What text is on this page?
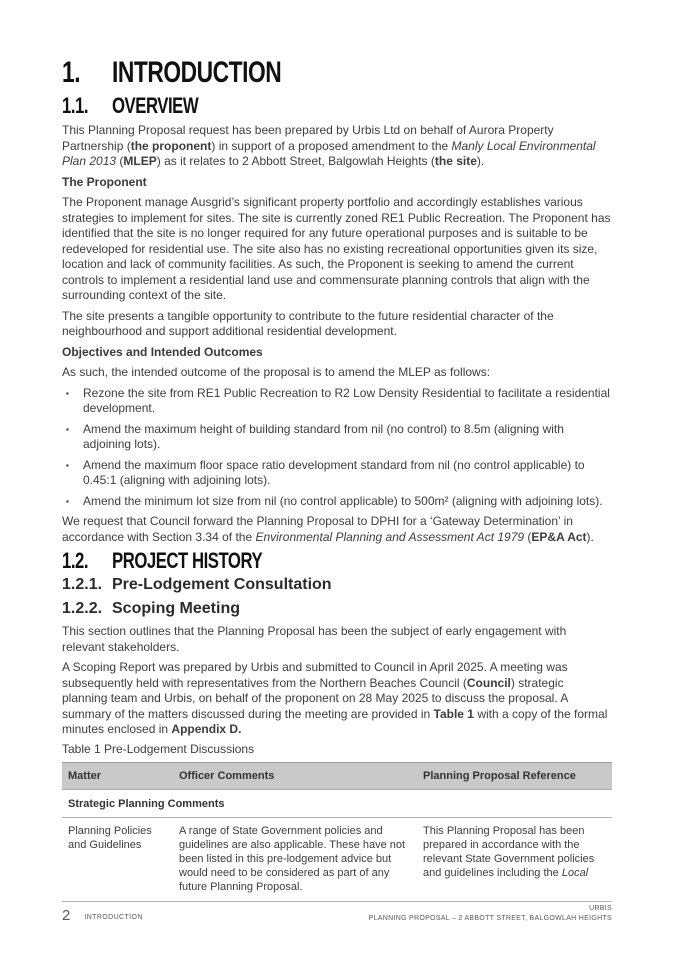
1.	INTRODUCTION
1.1.	OVERVIEW

This Planning Proposal request has been prepared by Urbis Ltd on behalf of Aurora Property Partnership (the proponent) in support of a proposed amendment to the Manly Local Environmental Plan 2013 (MLEP) as it relates to 2 Abbott Street, Balgowlah Heights (the site).

The Proponent

The Proponent manage Ausgrid’s significant property portfolio and accordingly establishes various strategies to implement for sites. The site is currently zoned RE1 Public Recreation. The Proponent has identified that the site is no longer required for any future operational purposes and is suitable to be redeveloped for residential use. The site also has no existing recreational opportunities given its size, location and lack of community facilities. As such, the Proponent is seeking to amend the current controls to implement a residential land use and commensurate planning controls that align with the surrounding context of the site.

The site presents a tangible opportunity to contribute to the future residential character of the neighbourhood and support additional residential development.

Objectives and Intended Outcomes

As such, the intended outcome of the proposal is to amend the MLEP as follows:

▪	Rezone the site from RE1 Public Recreation to R2 Low Density Residential to facilitate a residential development.
▪	Amend the maximum height of building standard from nil (no control) to 8.5m (aligning with adjoining lots).
▪	Amend the maximum floor space ratio development standard from nil (no control applicable) to 0.45:1 (aligning with adjoining lots).
▪	Amend the minimum lot size from nil (no control applicable) to 500m² (aligning with adjoining lots).

We request that Council forward the Planning Proposal to DPHI for a ‘Gateway Determination’ in accordance with Section 3.34 of the Environmental Planning and Assessment Act 1979 (EP&A Act).

1.2.	PROJECT HISTORY
1.2.1. Pre-Lodgement Consultation
1.2.2. Scoping Meeting

This section outlines that the Planning Proposal has been the subject of early engagement with relevant stakeholders.

A Scoping Report was prepared by Urbis and submitted to Council in April 2025. A meeting was subsequently held with representatives from the Northern Beaches Council (Council) strategic planning team and Urbis, on behalf of the proponent on 28 May 2025 to discuss the proposal. A summary of the matters discussed during the meeting are provided in Table 1 with a copy of the formal minutes enclosed in Appendix D.

Table 1 Pre-Lodgement Discussions
Matter	Officer Comments	Planning Proposal Reference
Strategic Planning Comments		
Planning Policies and Guidelines	A range of State Government policies and guidelines are also applicable. These have not been listed in this pre-lodgement advice but would need to be considered as part of any future Planning Proposal.	This Planning Proposal has been prepared in accordance with the relevant State Government policies and guidelines including the Local
2 INTRODUCTION
URBIS
PLANNING PROPOSAL – 2 ABBOTT STREET, BALGOWLAH HEIGHTS
